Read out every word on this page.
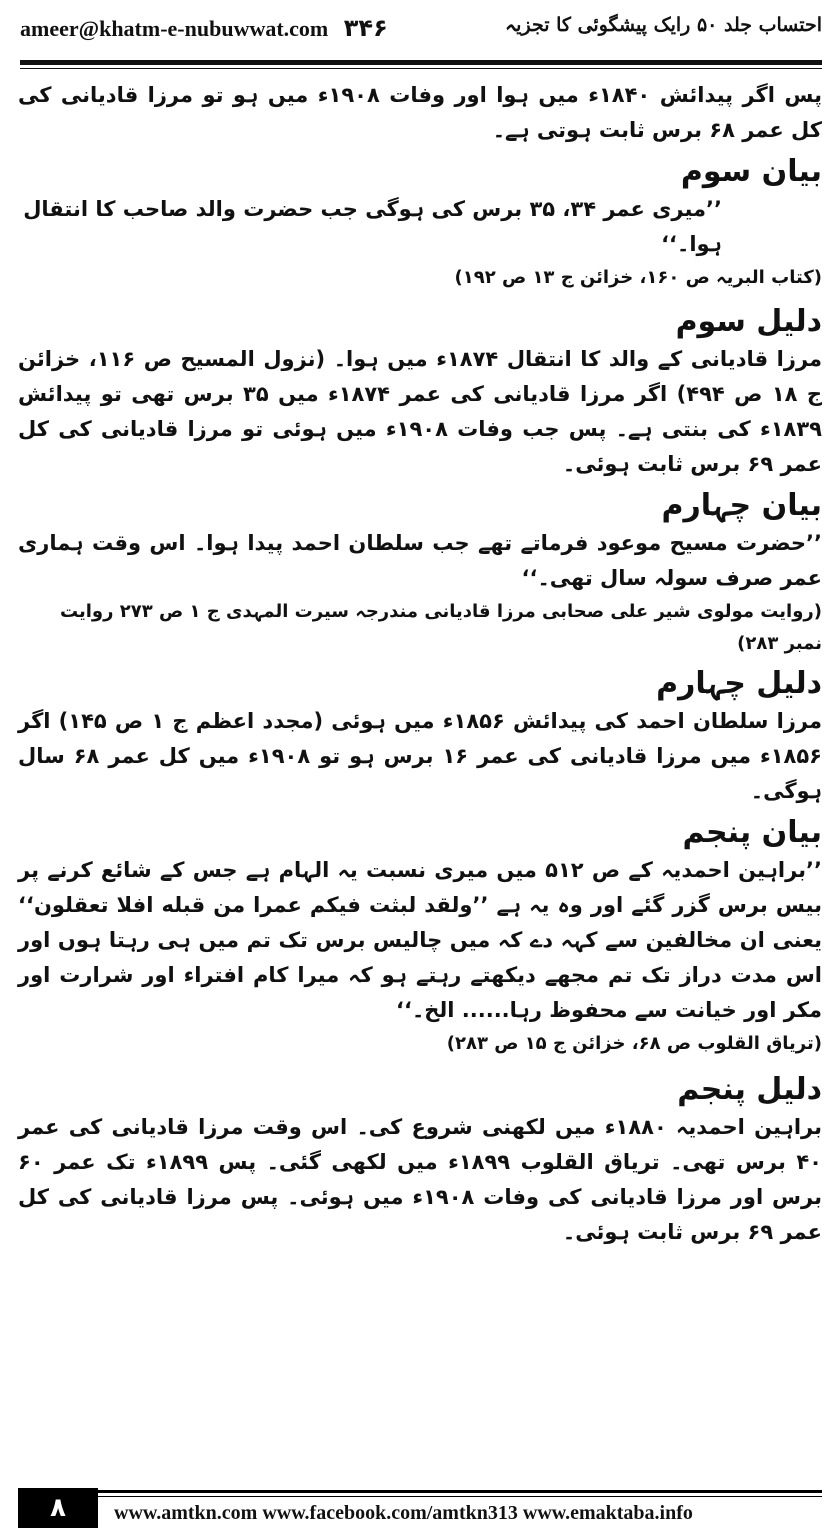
ameer@khatm-e-nubuwwat.com ۳۴۶	احتساب جلد ۵۰ رایک پیشگوئی کا تجزیہ

پس اگر پیدائش ۱۸۴۰ء میں ہوا اور وفات ۱۹۰۸ء میں ہو تو مرزا قادیانی کی کل عمر ۶۸ برس ثابت ہوتی ہے۔

بیان سوم

’’میری عمر ۳۴، ۳۵ برس کی ہوگی جب حضرت والد صاحب کا انتقال ہوا۔‘‘

(کتاب البریہ ص ۱۶۰، خزائن ج ۱۳ ص ۱۹۲)

دلیل سوم

مرزا قادیانی کے والد کا انتقال ۱۸۷۴ء میں ہوا۔ (نزول المسیح ص ۱۱۶، خزائن ج ۱۸ ص ۴۹۴) اگر مرزا قادیانی کی عمر ۱۸۷۴ء میں ۳۵ برس تھی تو پیدائش ۱۸۳۹ء کی بنتی ہے۔ پس جب وفات ۱۹۰۸ء میں ہوئی تو مرزا قادیانی کی کل عمر ۶۹ برس ثابت ہوئی۔

بیان چہارم

’’حضرت مسیح موعود فرماتے تھے جب سلطان احمد پیدا ہوا۔ اس وقت ہماری عمر صرف سولہ سال تھی۔‘‘

(روایت مولوی شیر علی صحابی مرزا قادیانی مندرجہ سیرت المہدی ج ۱ ص ۲۷۳ روایت نمبر ۲۸۳)

دلیل چہارم

مرزا سلطان احمد کی پیدائش ۱۸۵۶ء میں ہوئی (مجدد اعظم ج ۱ ص ۱۴۵) اگر ۱۸۵۶ء میں مرزا قادیانی کی عمر ۱۶ برس ہو تو ۱۹۰۸ء میں کل عمر ۶۸ سال ہوگی۔

بیان پنجم

’’براہین احمدیہ کے ص ۵۱۲ میں میری نسبت یہ الہام ہے جس کے شائع کرنے پر بیس برس گزر گئے اور وہ یہ ہے ’’ولقد لبثت فیکم عمرا من قبله افلا تعقلون‘‘ یعنی ان مخالفین سے کہہ دے کہ میں چالیس برس تک تم میں ہی رہتا ہوں اور اس مدت دراز تک تم مجھے دیکھتے رہتے ہو کہ میرا کام افتراء اور شرارت اور مکر اور خیانت سے محفوظ رہا...... الخ۔‘‘

(تریاق القلوب ص ۶۸، خزائن ج ۱۵ ص ۲۸۳)

دلیل پنجم

براہین احمدیہ ۱۸۸۰ء میں لکھنی شروع کی۔ اس وقت مرزا قادیانی کی عمر ۴۰ برس تھی۔ تریاق القلوب ۱۸۹۹ء میں لکھی گئی۔ پس ۱۸۹۹ء تک عمر ۶۰ برس اور مرزا قادیانی کی وفات ۱۹۰۸ء میں ہوئی۔ پس مرزا قادیانی کی کل عمر ۶۹ برس ثابت ہوئی۔

۸	www.amtkn.com www.facebook.com/amtkn313 www.emaktaba.info
